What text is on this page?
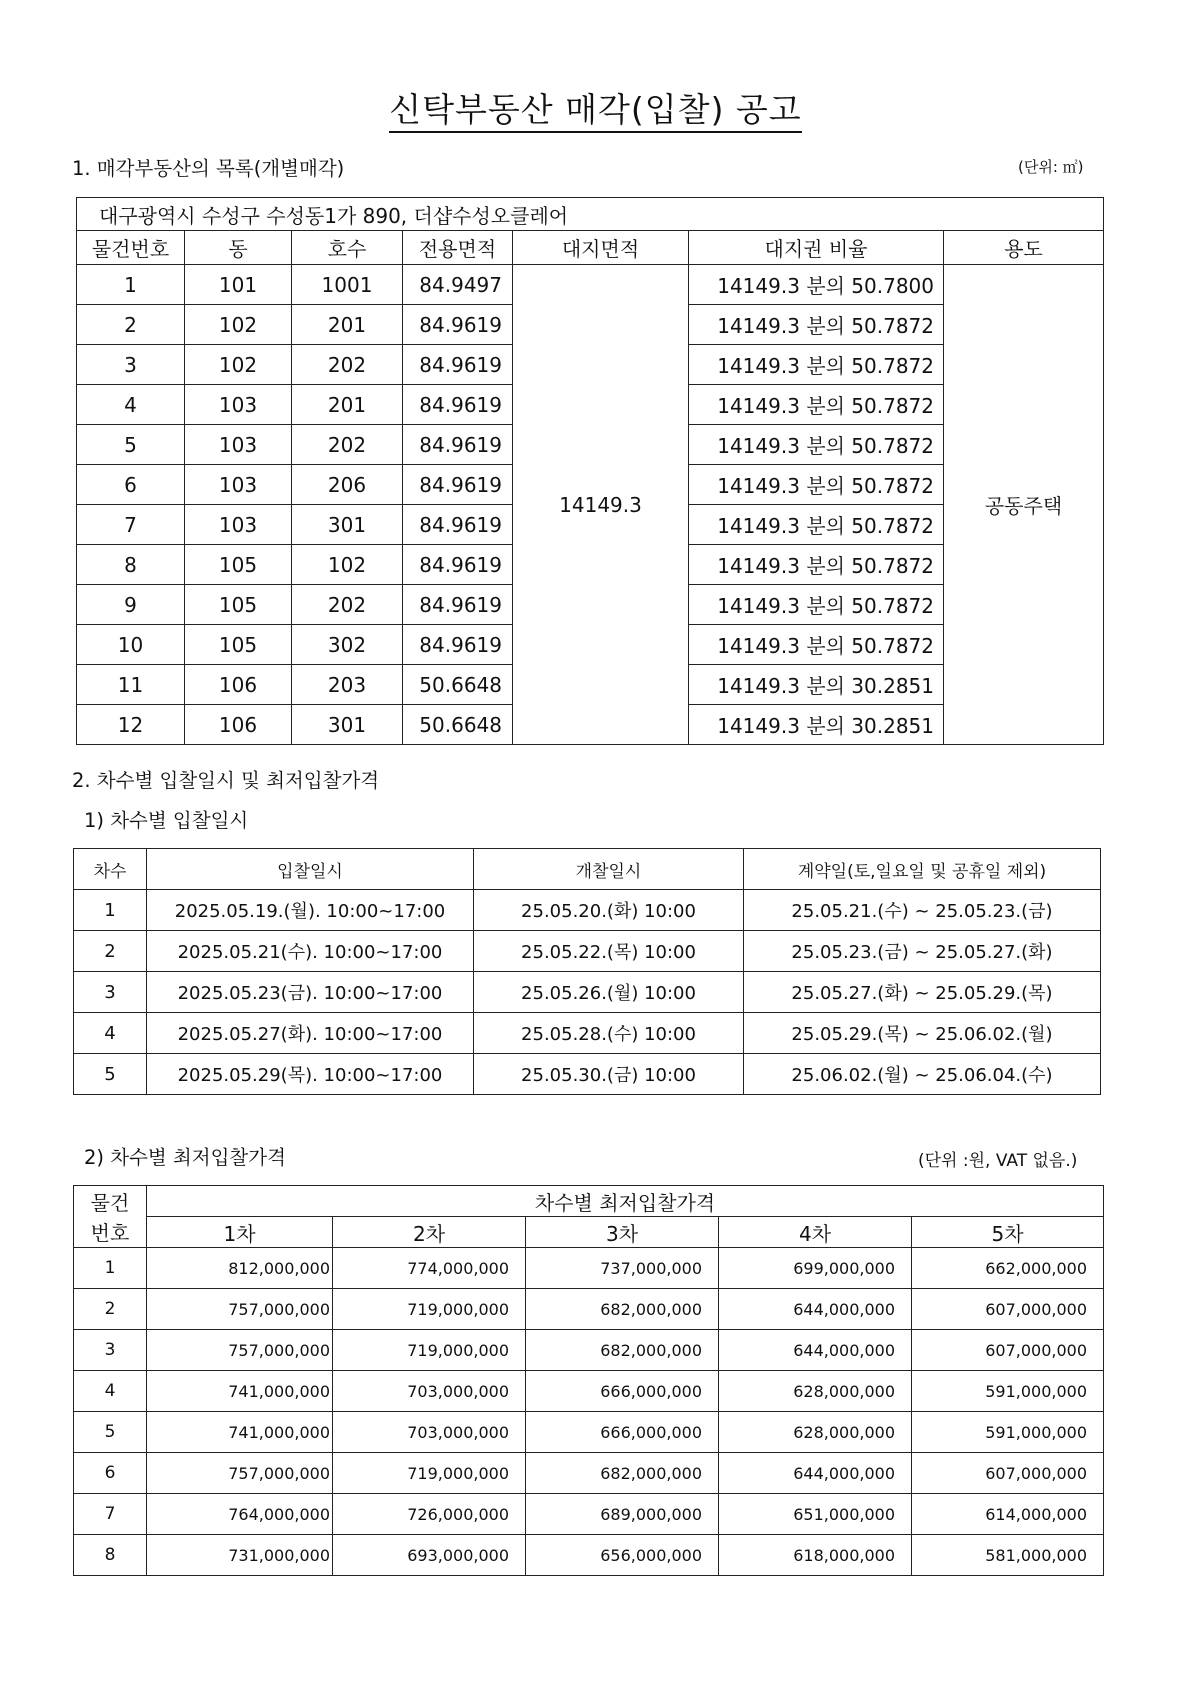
신탁부동산 매각(입찰) 공고
1. 매각부동산의 목록(개별매각)	(단위: ㎡)
대구광역시 수성구 수성동1가 890, 더샵수성오클레어						
물건번호	동	호수	전용면적	대지면적	대지권 비율	용도
1	101	1001	84.9497	14149.3	14149.3 분의 50.7800	공동주택
2	102	201	84.9619		14149.3 분의 50.7872	
3	102	202	84.9619		14149.3 분의 50.7872	
4	103	201	84.9619		14149.3 분의 50.7872	
5	103	202	84.9619		14149.3 분의 50.7872	
6	103	206	84.9619		14149.3 분의 50.7872	
7	103	301	84.9619		14149.3 분의 50.7872	
8	105	102	84.9619		14149.3 분의 50.7872	
9	105	202	84.9619		14149.3 분의 50.7872	
10	105	302	84.9619		14149.3 분의 50.7872	
11	106	203	50.6648		14149.3 분의 30.2851	
12	106	301	50.6648		14149.3 분의 30.2851	
2. 차수별 입찰일시 및 최저입찰가격
1) 차수별 입찰일시
차수	입찰일시	개찰일시	계약일(토,일요일 및 공휴일 제외)
1	2025.05.19.(월). 10:00~17:00	25.05.20.(화) 10:00	25.05.21.(수) ~ 25.05.23.(금)
2	2025.05.21(수). 10:00~17:00	25.05.22.(목) 10:00	25.05.23.(금) ~ 25.05.27.(화)
3	2025.05.23(금). 10:00~17:00	25.05.26.(월) 10:00	25.05.27.(화) ~ 25.05.29.(목)
4	2025.05.27(화). 10:00~17:00	25.05.28.(수) 10:00	25.05.29.(목) ~ 25.06.02.(월)
5	2025.05.29(목). 10:00~17:00	25.05.30.(금) 10:00	25.06.02.(월) ~ 25.06.04.(수)
2) 차수별 최저입찰가격	(단위 :원, VAT 없음.)
물건	차수별 최저입찰가격				
번호	1차	2차	3차	4차	5차
1	812,000,000	774,000,000	737,000,000	699,000,000	662,000,000
2	757,000,000	719,000,000	682,000,000	644,000,000	607,000,000
3	757,000,000	719,000,000	682,000,000	644,000,000	607,000,000
4	741,000,000	703,000,000	666,000,000	628,000,000	591,000,000
5	741,000,000	703,000,000	666,000,000	628,000,000	591,000,000
6	757,000,000	719,000,000	682,000,000	644,000,000	607,000,000
7	764,000,000	726,000,000	689,000,000	651,000,000	614,000,000
8	731,000,000	693,000,000	656,000,000	618,000,000	581,000,000
